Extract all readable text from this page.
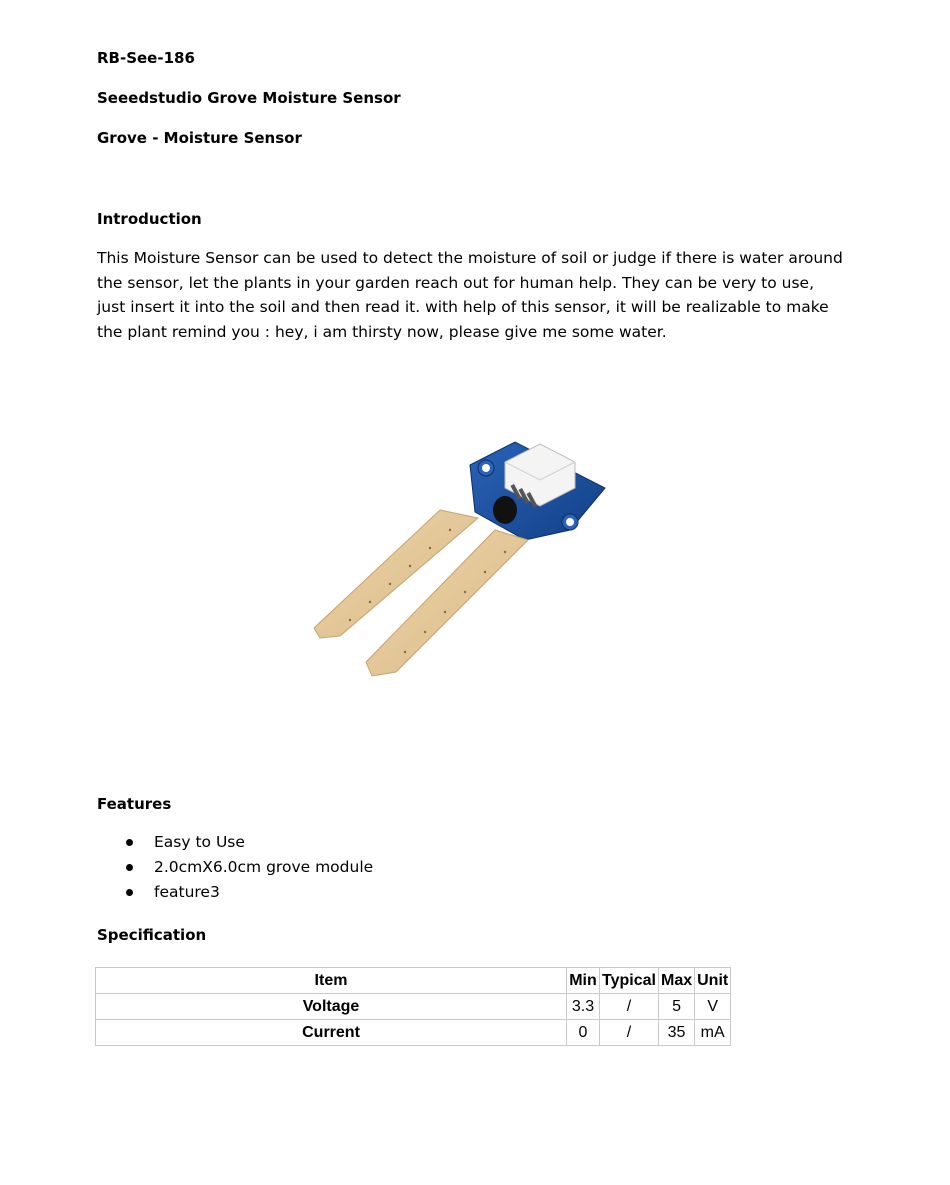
RB-See-186

Seeedstudio Grove Moisture Sensor

Grove - Moisture Sensor

Introduction

This Moisture Sensor can be used to detect the moisture of soil or judge if there is water around the sensor, let the plants in your garden reach out for human help. They can be very to use, just insert it into the soil and then read it. with help of this sensor, it will be realizable to make the plant remind you : hey, i am thirsty now, please give me some water.

Features

Easy to Use
2.0cmX6.0cm grove module
feature3

Specification

Item	Min	Typical	Max	Unit
Voltage	3.3	/	5	V
Current	0	/	35	mA
